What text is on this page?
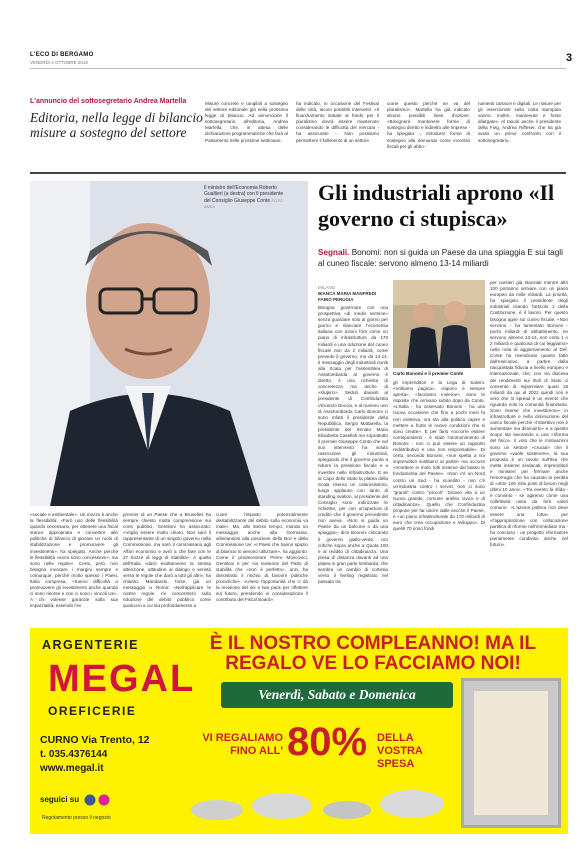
L'ECO DI BERGAMO
VENERDÌ 4 OTTOBRE 2019	3
L'annuncio del sottosegretario Andrea Martella
Editoria, nella legge di bilancio misure a sostegno del settore
Misure concrete e tangibili a sostegno del settore editoriale già nella prossima legge di bilancio. Ad annunciarle il sottosegretario all'editoria, Andrea Martella, che, in attesa delle dichiarazioni programmatiche che farà al Parlamento nelle prossime settimane,
ha indicato, in occasione del Festival delle città, alcuni possibili interventi. «Il finanziamento statale al fondo per il pluralismo dovrà essere mantenuto considerando le difficoltà del mercato - ha assicurato -. Non possiamo permettere il fallimento di un settore
come questo perché ne va del pluralismo». Martella ha già indicato alcune possibili linee d'azione: «Bisognerà mantenere forme di sostegno diretto e indiretto alle imprese - ha spiegato -, introdurre forme di sostegno alla domanda come incentivi fiscali per gli abbo-
namenti cartacei e digitali. Le misure per gli inserzionisti sulla carta stampata vanno, inoltre, mantenute e forse allargate». Al tavolo anche il presidente della Fieg, Andrea Riffeser, che ha già avuto un primo confronto con il sottosegretario.
Il ministro dell'Economia Roberto Gualtieri (a destra) con il presidente del Consiglio Giuseppe Conte FOTO ANSA
Gli industriali aprono «Il governo ci stupisca»
Segnali. Bonomi: non si guida un Paese da una spiaggia E sui tagli al cuneo fiscale: servono almeno 13-14 miliardi
MILANO
BIANCA MARIA MANFREDI
FABIO PERUGIA
Bisogna governare con una prospettiva «di medio termine» senza guardare solo al giorno per giorno e rilanciare l'economia italiana con azioni forti come un piano di infrastrutture da 170 miliardi e una riduzione del cuneo fiscale non da 2 miliardi, come prevede il governo, ma da 13-14. Il messaggio degli industriali riuniti alla Scala per l'assemblea di Assolombarda al governo è diretto, è una richiesta di concretezza ma anche di «stupirci». Seduti davanti al presidente di Confindustria Vincenzo Boccia, e al numero uno di Assolombarda Carlo Bonomi ci sono infatti il presidente della Repubblica, Sergio Mattarella, la presidente del Senato Maria Elisabetta Casellati ma soprattutto il premier Giuseppe Conte che nel suo intervento ha voluto rassicurare gli industriali, spiegando che il governo punta a ridurre la pressione fiscale e a investire nelle infrastrutture. E se al Capo dello Stato la platea della Scala riserva un calorosissimo, lungo applauso con tanto di standing ovation, al presidente del Consiglio sono indirizzate le richieste, per con un'apertura di credito che il governo precedente non aveva. «Non si guida un Paese da un balcone o da una spiaggia», dice Bonomi criticando il governo giallo-verde, con critiche sopra anche a Quota 100 e al reddito di cittadinanza. Una presa di distanza davanti ad una platea in gran parte lombarda, che sembra un cambio di cortesia verso il feeling registrato nel passato tra
Carlo Bonomi e il premier Conte
gli imprenditori e la Lega di Salvini. «Voltiamo pagina», «lapori» è sempre aperta», «facciamo insieme», sono le risposte che arrivano subito dopo da Conte. «L'Italia - ha osservato Bonomi - ha una nuova occasione che fino a pochi mesi fa non esisteva, ora sta alla politica capire e mettere a frutto le nuove condizioni che si sono create». E per farlo «occorre essere corrispondenti - è stato l'ammonimento di Bonomi - non ci può essere un rapporto redistributivo e una non responsabile». Di certo, secondo Bonomi, «non spetta a noi imprenditori sostituirci ai partiti» ma occorre «rimettere in moto tutti insieme dal basso le fondamenta del Paese». «Non c'è un Nord contro un Sud - ha scandito - non c'è un'industria contro i servizi, non ci sono "grandi" contro "piccoli". Dicano vita a un nuovo grande, comune anelito civico e di cittadinanza». Quello che Confindustria propone per far uscire dalle secche il Paese, è «un piano infrastrutturale da 170 miliardi di euro che crea occupazione e sviluppo». Di questi 70 sono fondi
per cantieri già stanziati mentre altri 100 potranno arrivare con un piano europeo da mille miliardi. La priorità, ha spiegato il presidente degli industriali citando l'articolo 1 della Costituzione, è il lavoro. Per questo bisogna agire sul cuneo fiscale. «Non servono - ha lamentato Bonomi - pochi miliardi di abbattimento, ne servono almeno 13-14, non certo 1 o 2 miliardi e qualcosa di cui leggiamo» nella nota di aggiornamento al Def. Conte ha rivendicato quanto fatto dall'esecutivo, a partire dalla riacquistata fiducia a livello europeo e internazionale, che, con «la discesa dei rendimenti sui titoli di Stato ci consente di risparmiare quasi 18 miliardi da qui al 2022 quindi non è vero che lo spread è un evento che riguarda solo la comunità finanziaria. Sono risorse che investiremo» in infrastrutture e nella diminuzione del carico fiscale perché «l'obiettivo non è aumentare ma diminuirlo» e a questo scopo sta lavorando a una «riforma del fisco». Il voto che le motivazioni sono un settore «crucial» che il governo «vuole sostenere», la sua proposta è un tavolo sull'Ilva che metta insieme sindacati, imprenditori e ministeri per fermare anche l'emorragia che ha causato la perdita di «oltre 100 mila posti di lavoro negli ultimi 10 anni». «Tra evento fa sfida - è convinto - se agiremo come una collettività unita da forti valori comuni». «L'azione politica non deve essere una lotta» per «l'appropriazione con collocazione partitica di riforme nell'immediato ma - ha concluso - un progetto riformatore pienamente condiviso anche nel futuro».
«sociale e ambientale». Un mezzo è anche la flessibilità: «Farò uso delle flessibilità quando necessario, per ottenere una fiscal stance appropriata e convertire alle politiche di bilancio di giocare un ruolo di stabilizzazione e promuovere gli investimenti», ha spiegato. Anche perché le flessibilità «sono sono concessioni», ma sono nelle regole». Certo, però, non bisogna invocare i margini sempre e comunque, perché molto spesso i Paesi, Italia compresa, «hanno difficoltà a promuovere gli investimenti anche quando ci sono risorse e non ci sono i vincoli Ue». A chi volesse garanzie sulla sua imparzialità, essendo l'ex
premier di un Paese che a Bruxelles ha sempre chiesto molta comprensione sui conti pubblici, Gentiloni ha assicurato: «Voglio essere molto chiaro. Non sarò il rappresentante di un singolo governo nella Commissione. ma sarò il commissario agli Affari economici e avrò a che fare con le 27 bozze di leggi di stabilità». A quella dell'Italia «darò esattamente la stessa attenzione, attitudine al dialogo e serietà verso le regole che darò a tutti gli altri», ha chiarito. Mandando, forse, già un messaggio a Roma: «Nell'applicare le nostre regole, mi concentrerò sulla riduzione del debito pubblico come qualcuno a cui sta profondamente a
cuore l'impatto potenzialmente destabilizzante del debito sulla economia va male». Ma, allo stesso tempo, manda un messaggio anche alla Germania, allineandosi alla posizione della Bce e della Commissione Ue: «I Paesi che hanno spazio di bilancio lo devono utilizzare», ha aggiunto. Come il predecessore Pierre Moscovici, Gentiloni è per «la revisione del Patto di stabilità che «non è perfetto», anzi, ha dimostrato il rischio di favorire politiche procicliche». «Userò l'opportunità che ci dà la revisione del six e two pack per riflettere sul futuro, prendendo in considerazione il contributo del Fiscal Board».
ARGENTERIE
MEGAL
OREFICERIE
CURNO Via Trento, 12
t. 035.4376144
www.megal.it
seguici su
Regolamento presso il negozio
È IL NOSTRO COMPLEANNO! MA IL REGALO VE LO FACCIAMO NOI!
Venerdì, Sabato e Domenica
VI REGALIAMO FINO ALL' 80% DELLA VOSTRA SPESA
